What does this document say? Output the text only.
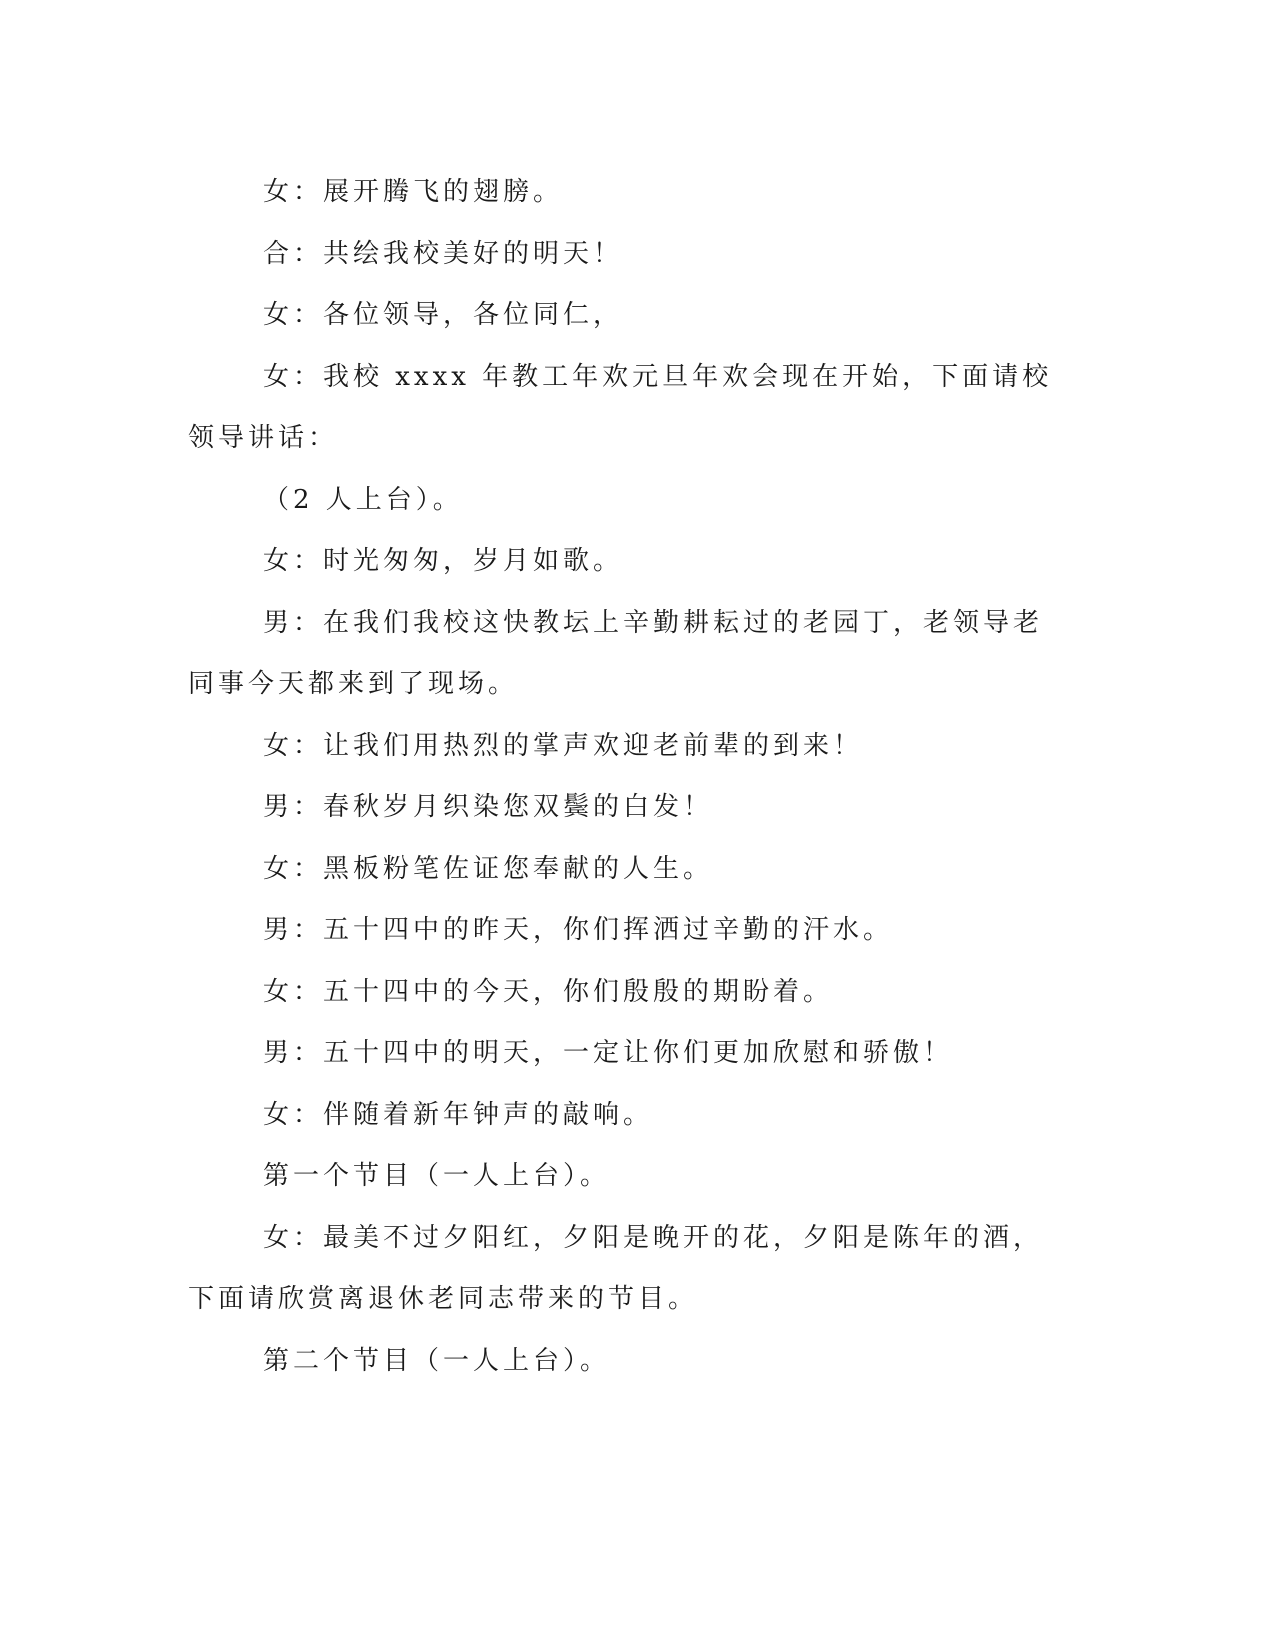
女：展开腾飞的翅膀。

合：共绘我校美好的明天！

女：各位领导，各位同仁，

女：我校 xxxx 年教工年欢元旦年欢会现在开始，下面请校领导讲话：

（2 人上台）。

女：时光匆匆，岁月如歌。

男：在我们我校这快教坛上辛勤耕耘过的老园丁，老领导老同事今天都来到了现场。

女：让我们用热烈的掌声欢迎老前辈的到来！

男：春秋岁月织染您双鬓的白发！

女：黑板粉笔佐证您奉献的人生。

男：五十四中的昨天，你们挥洒过辛勤的汗水。

女：五十四中的今天，你们殷殷的期盼着。

男：五十四中的明天，一定让你们更加欣慰和骄傲！

女：伴随着新年钟声的敲响。

第一个节目（一人上台）。

女：最美不过夕阳红，夕阳是晚开的花，夕阳是陈年的酒，下面请欣赏离退休老同志带来的节目。

第二个节目（一人上台）。
